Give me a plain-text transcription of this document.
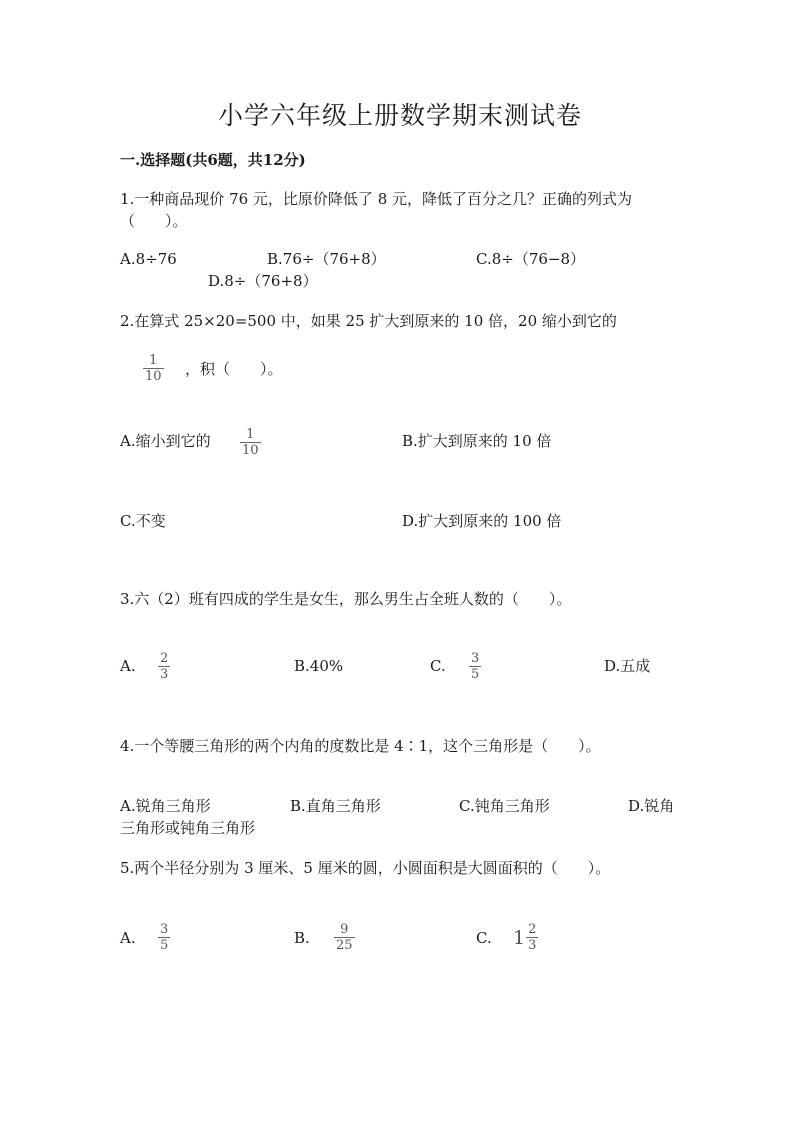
小学六年级上册数学期末测试卷
一.选择题(共6题，共12分)
1.一种商品现价 76 元，比原价降低了 8 元，降低了百分之几？正确的列式为
（　　）。
A.8÷76	B.76÷（76+8）	C.8÷（76−8）
D.8÷（76+8）
2.在算式 25×20=500 中，如果 25 扩大到原来的 10 倍，20 缩小到它的
$\frac{1}{10}$ ，积（　　）。
A.缩小到它的 $\frac{1}{10}$	B.扩大到原来的 10 倍
C.不变	D.扩大到原来的 100 倍
3.六（2）班有四成的学生是女生，那么男生占全班人数的（　　）。
A. $\frac{2}{3}$	B.40%	C. $\frac{3}{5}$	D.五成
4.一个等腰三角形的两个内角的度数比是 4∶1，这个三角形是（　　）。
A.锐角三角形	B.直角三角形	C.钝角三角形	D.锐角
三角形或钝角三角形
5.两个半径分别为 3 厘米、5 厘米的圆，小圆面积是大圆面积的（　　）。
A. $\frac{3}{5}$	B. $\frac{9}{25}$	C. $1 \frac{2}{3}$
